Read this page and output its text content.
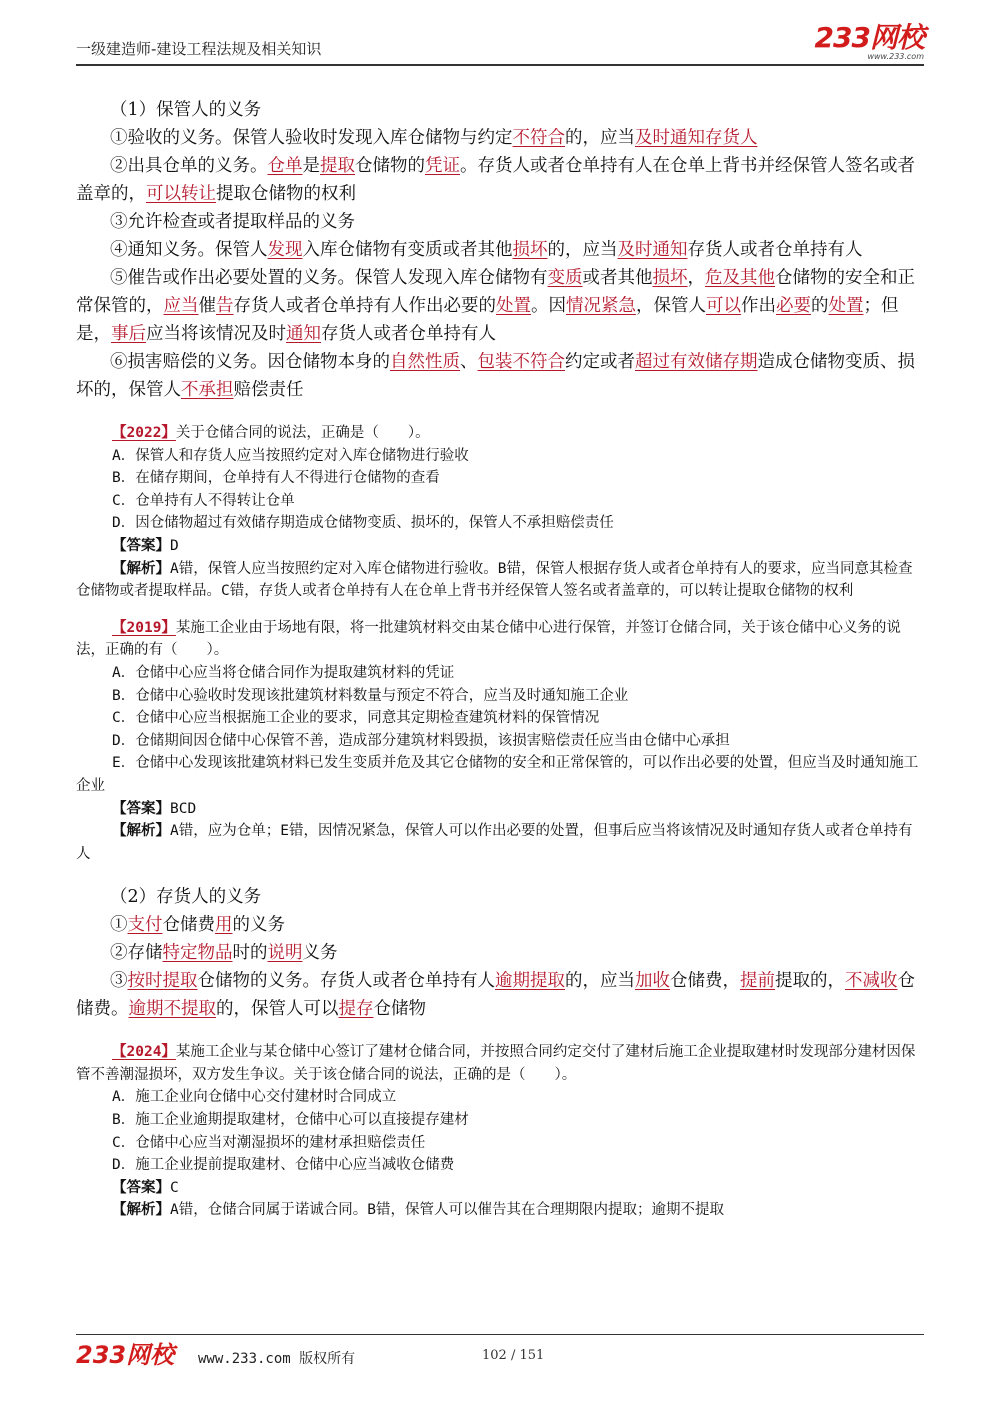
一级建造师-建设工程法规及相关知识	233网校
www.233.com

（1）保管人的义务

①验收的义务。保管人验收时发现入库仓储物与约定不符合的，应当及时通知存货人

②出具仓单的义务。仓单是提取仓储物的凭证。存货人或者仓单持有人在仓单上背书并经保管人签名或者盖章的，可以转让提取仓储物的权利

③允许检查或者提取样品的义务

④通知义务。保管人发现入库仓储物有变质或者其他损坏的，应当及时通知存货人或者仓单持有人

⑤催告或作出必要处置的义务。保管人发现入库仓储物有变质或者其他损坏，危及其他仓储物的安全和正常保管的，应当催告存货人或者仓单持有人作出必要的处置。因情况紧急，保管人可以作出必要的处置；但是，事后应当将该情况及时通知存货人或者仓单持有人

⑥损害赔偿的义务。因仓储物本身的自然性质、包装不符合约定或者超过有效储存期造成仓储物变质、损坏的，保管人不承担赔偿责任

【2022】关于仓储合同的说法，正确是（　　）。

A．保管人和存货人应当按照约定对入库仓储物进行验收

B．在储存期间，仓单持有人不得进行仓储物的查看

C．仓单持有人不得转让仓单

D．因仓储物超过有效储存期造成仓储物变质、损坏的，保管人不承担赔偿责任

【答案】D

【解析】A错，保管人应当按照约定对入库仓储物进行验收。B错，保管人根据存货人或者仓单持有人的要求，应当同意其检查仓储物或者提取样品。C错，存货人或者仓单持有人在仓单上背书并经保管人签名或者盖章的，可以转让提取仓储物的权利

【2019】某施工企业由于场地有限，将一批建筑材料交由某仓储中心进行保管，并签订仓储合同，关于该仓储中心义务的说法，正确的有（　　）。

A．仓储中心应当将仓储合同作为提取建筑材料的凭证

B．仓储中心验收时发现该批建筑材料数量与预定不符合，应当及时通知施工企业

C．仓储中心应当根据施工企业的要求，同意其定期检查建筑材料的保管情况

D．仓储期间因仓储中心保管不善，造成部分建筑材料毁损，该损害赔偿责任应当由仓储中心承担

E．仓储中心发现该批建筑材料已发生变质并危及其它仓储物的安全和正常保管的，可以作出必要的处置，但应当及时通知施工企业

【答案】BCD

【解析】A错，应为仓单；E错，因情况紧急，保管人可以作出必要的处置，但事后应当将该情况及时通知存货人或者仓单持有人

（2）存货人的义务

①支付仓储费用的义务

②存储特定物品时的说明义务

③按时提取仓储物的义务。存货人或者仓单持有人逾期提取的，应当加收仓储费，提前提取的，不减收仓储费。逾期不提取的，保管人可以提存仓储物

【2024】某施工企业与某仓储中心签订了建材仓储合同，并按照合同约定交付了建材后施工企业提取建材时发现部分建材因保管不善潮湿损坏，双方发生争议。关于该仓储合同的说法，正确的是（　　）。

A．施工企业向仓储中心交付建材时合同成立

B．施工企业逾期提取建材，仓储中心可以直接提存建材

C．仓储中心应当对潮湿损坏的建材承担赔偿责任

D．施工企业提前提取建材、仓储中心应当减收仓储费

【答案】C

【解析】A错，仓储合同属于诺诚合同。B错，保管人可以催告其在合理期限内提取；逾期不提取

233网校 www.233.com 版权所有	102 / 151
